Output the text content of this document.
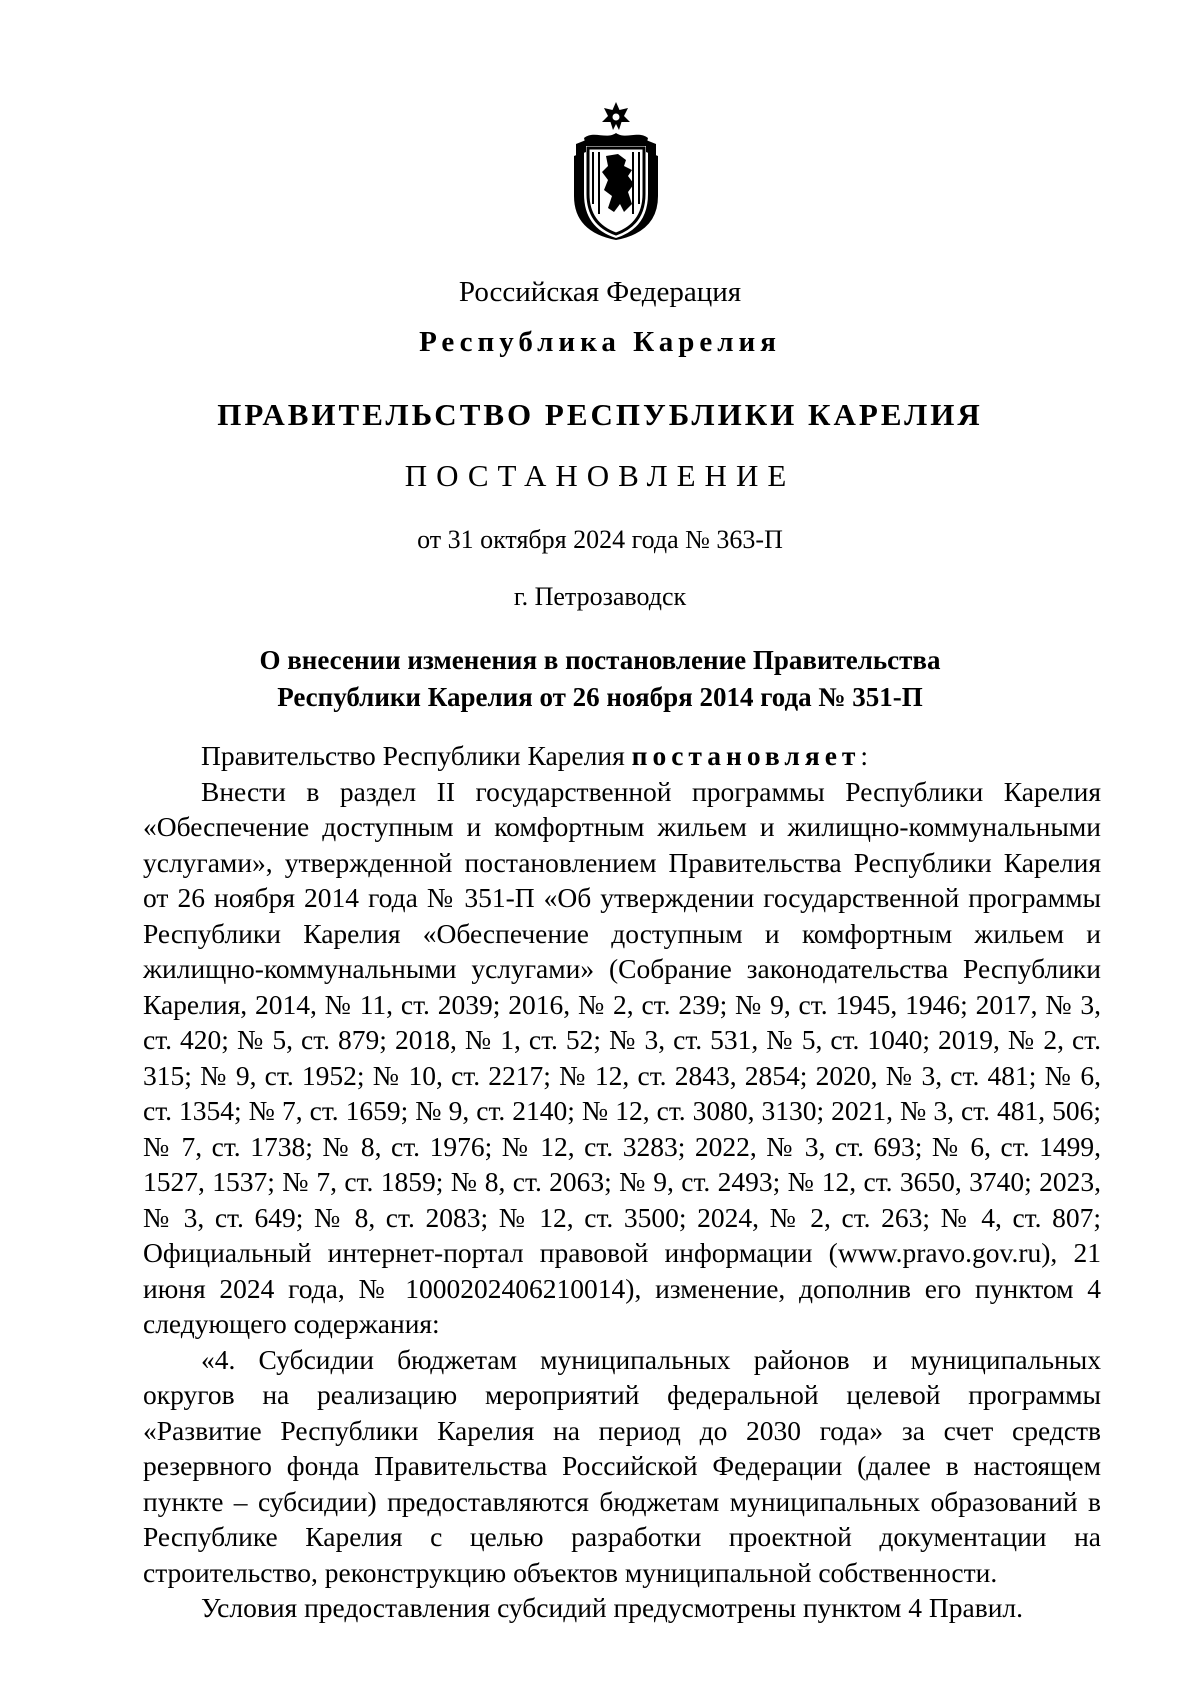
Российская Федерация
Республика Карелия
ПРАВИТЕЛЬСТВО РЕСПУБЛИКИ КАРЕЛИЯ
ПОСТАНОВЛЕНИЕ
от 31 октября 2024 года № 363-П
г. Петрозаводск
О внесении изменения в постановление Правительства
Республики Карелия от 26 ноября 2014 года № 351-П

Правительство Республики Карелия постановляет:

Внести в раздел II государственной программы Республики Карелия «Обеспечение доступным и комфортным жильем и жилищно-коммунальными услугами», утвержденной постановлением Правительства Республики Карелия от 26 ноября 2014 года № 351-П «Об утверждении государственной программы Республики Карелия «Обеспечение доступным и комфортным жильем и жилищно-коммунальными услугами» (Собрание законодательства Республики Карелия, 2014, № 11, ст. 2039; 2016, № 2, ст. 239; № 9, ст. 1945, 1946; 2017, № 3, ст. 420; № 5, ст. 879; 2018, № 1, ст. 52; № 3, ст. 531, № 5, ст. 1040; 2019, № 2, ст. 315; № 9, ст. 1952; № 10, ст. 2217; № 12, ст. 2843, 2854; 2020, № 3, ст. 481; № 6, ст. 1354; № 7, ст. 1659; № 9, ст. 2140; № 12, ст. 3080, 3130; 2021, № 3, ст. 481, 506; № 7, ст. 1738; № 8, ст. 1976; № 12, ст. 3283; 2022, № 3, ст. 693; № 6, ст. 1499, 1527, 1537; № 7, ст. 1859; № 8, ст. 2063; № 9, ст. 2493; № 12, ст. 3650, 3740; 2023, № 3, ст. 649; № 8, ст. 2083; № 12, ст. 3500; 2024, № 2, ст. 263; № 4, ст. 807; Официальный интернет-портал правовой информации (www.pravo.gov.ru), 21 июня 2024 года, № 1000202406210014), изменение, дополнив его пунктом 4 следующего содержания:

«4. Субсидии бюджетам муниципальных районов и муниципальных округов на реализацию мероприятий федеральной целевой программы «Развитие Республики Карелия на период до 2030 года» за счет средств резервного фонда Правительства Российской Федерации (далее в настоящем пункте – субсидии) предоставляются бюджетам муниципальных образований в Республике Карелия с целью разработки проектной документации на строительство, реконструкцию объектов муниципальной собственности.

Условия предоставления субсидий предусмотрены пунктом 4 Правил.
